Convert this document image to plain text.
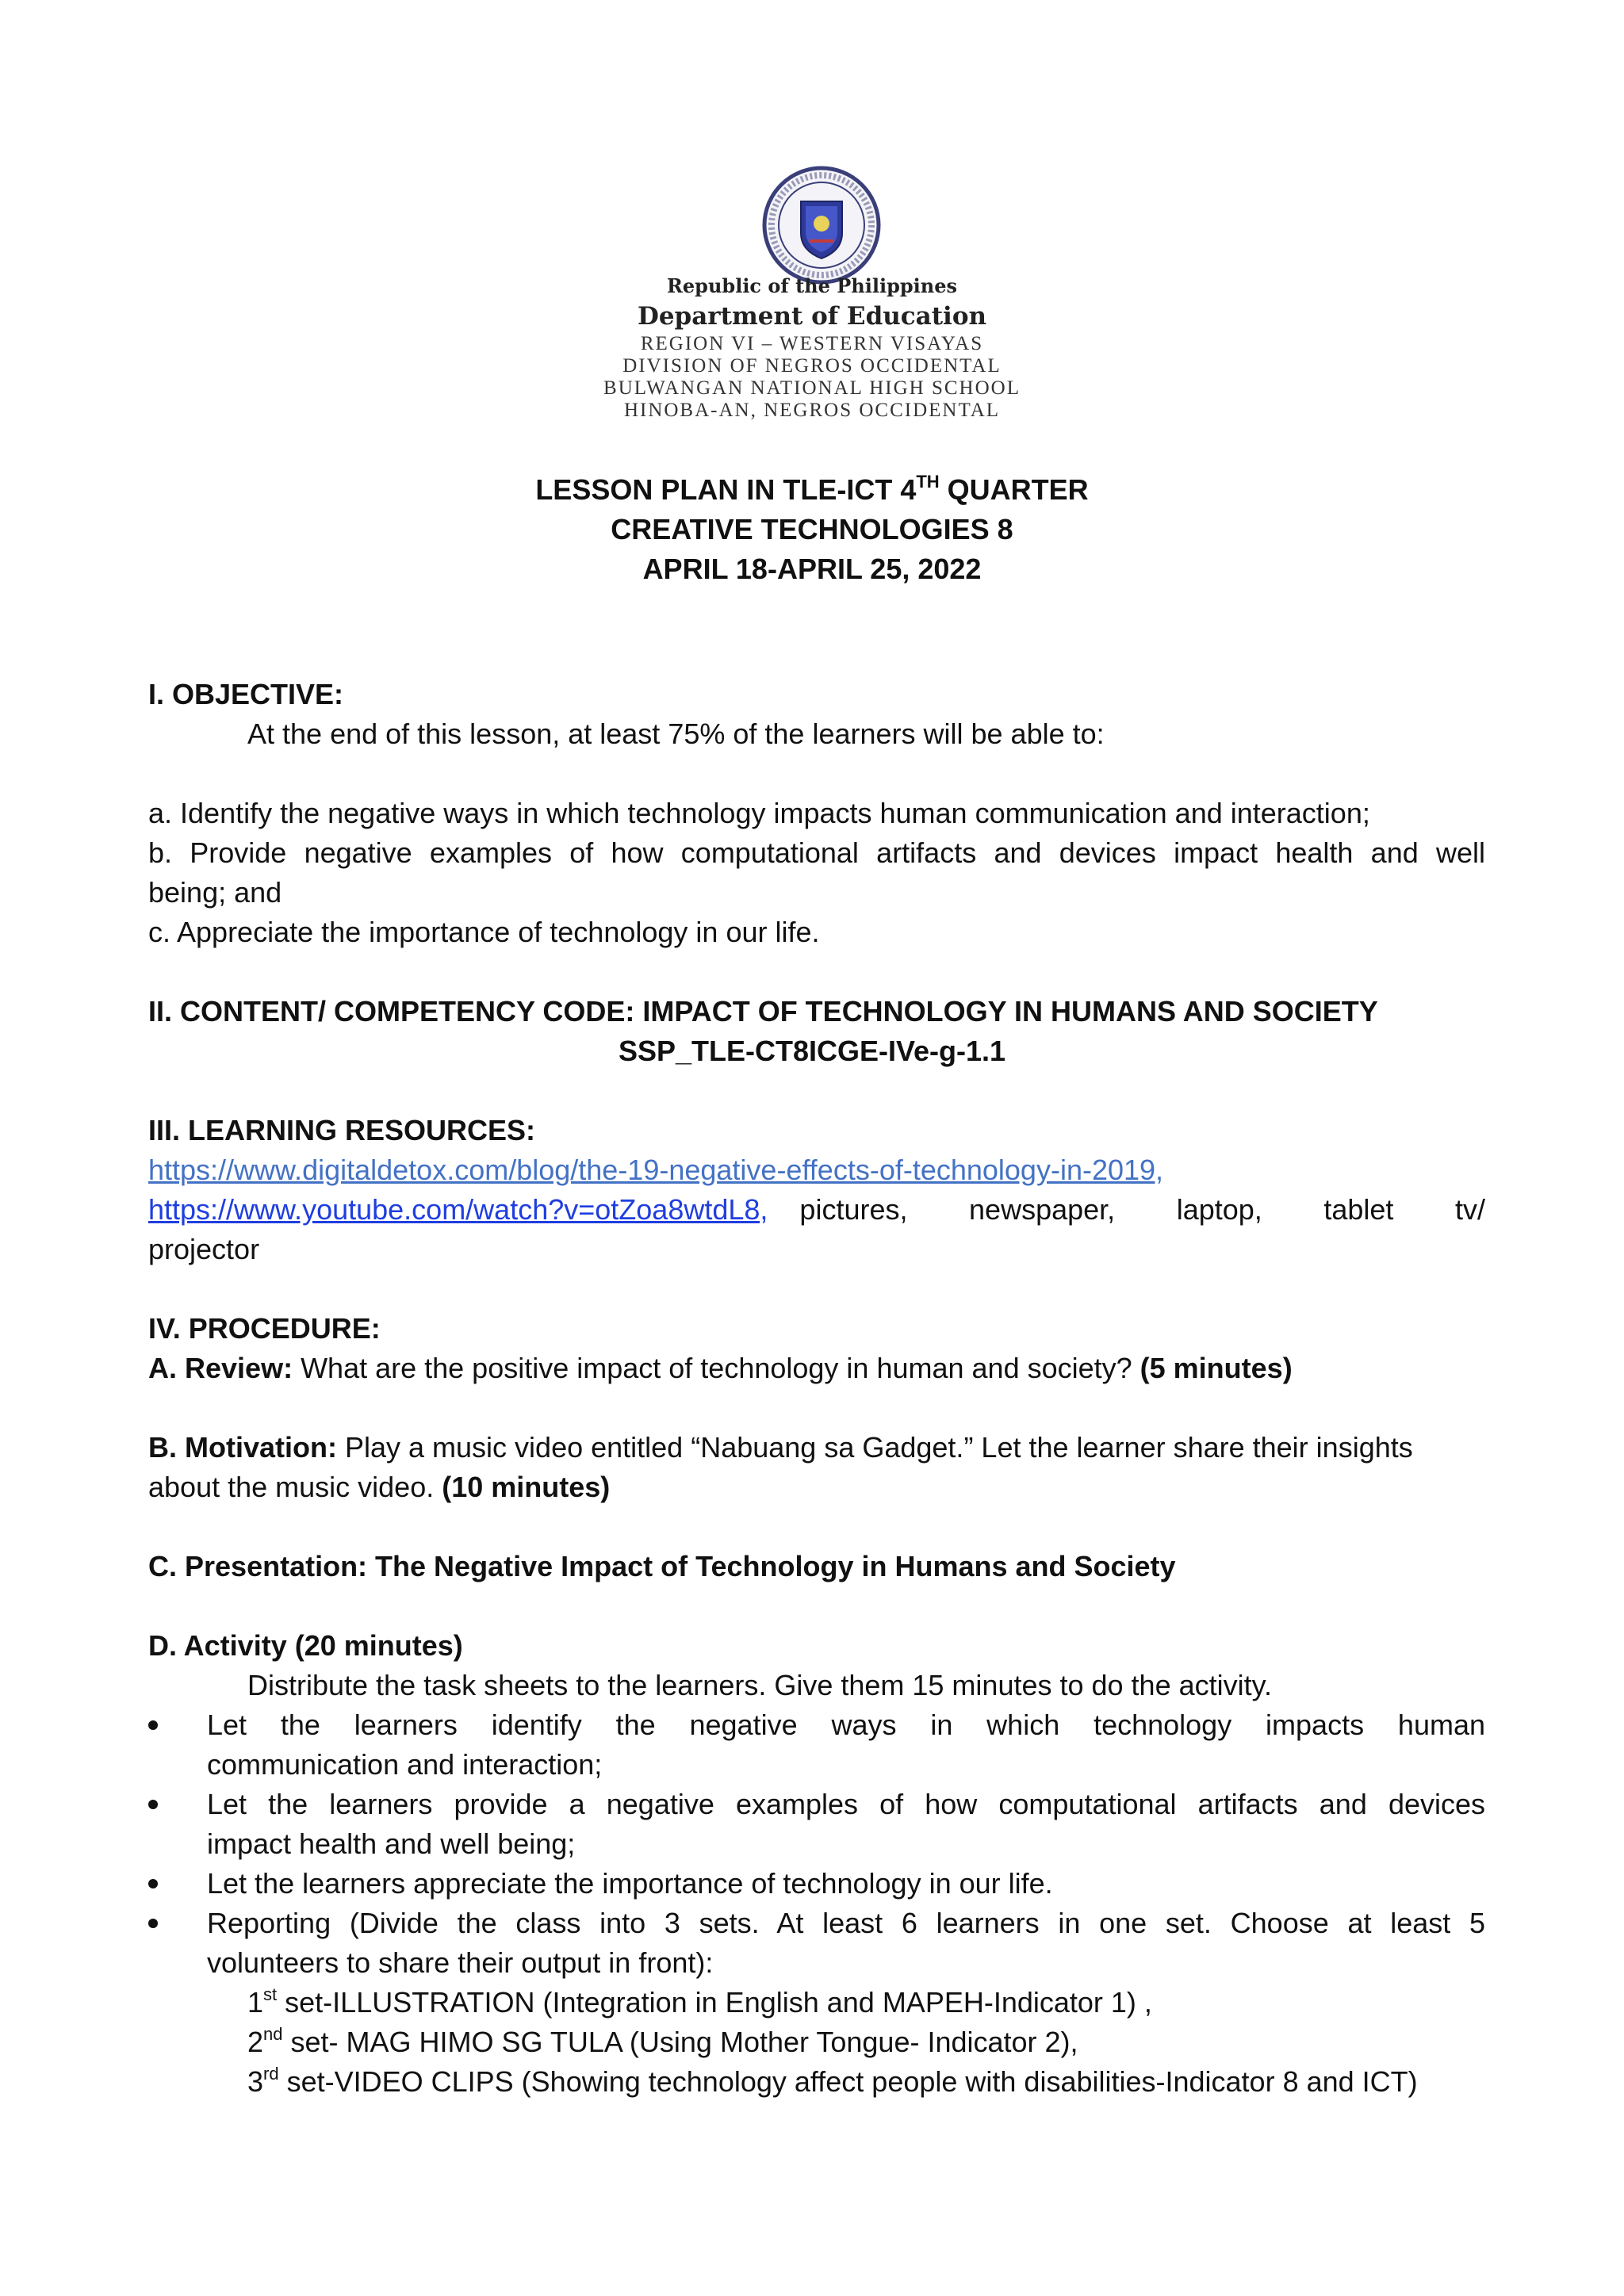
Republic of the Philippines
Department of Education
REGION VI – WESTERN VISAYAS
DIVISION OF NEGROS OCCIDENTAL
BULWANGAN NATIONAL HIGH SCHOOL
HINOBA-AN, NEGROS OCCIDENTAL
LESSON PLAN IN TLE-ICT 4TH QUARTER
CREATIVE TECHNOLOGIES 8
APRIL 18-APRIL 25, 2022
I. OBJECTIVE:
At the end of this lesson, at least 75% of the learners will be able to:
a. Identify the negative ways in which technology impacts human communication and interaction;
b. Provide negative examples of how computational artifacts and devices impact health and well
being; and
c. Appreciate the importance of technology in our life.
II. CONTENT/ COMPETENCY CODE: IMPACT OF TECHNOLOGY IN HUMANS AND SOCIETY
SSP_TLE-CT8ICGE-IVe-g-1.1
III. LEARNING RESOURCES:
https://www.digitaldetox.com/blog/the-19-negative-effects-of-technology-in-2019,
https://www.youtube.com/watch?v=otZoa8wtdL8, pictures, newspaper, laptop, tablet tv/
projector
IV. PROCEDURE:
A. Review: What are the positive impact of technology in human and society? (5 minutes)
B. Motivation: Play a music video entitled “Nabuang sa Gadget.” Let the learner share their insights
about the music video. (10 minutes)
C. Presentation: The Negative Impact of Technology in Humans and Society
D. Activity (20 minutes)
Distribute the task sheets to the learners. Give them 15 minutes to do the activity.
Let the learners identify the negative ways in which technology impacts human
communication and interaction;
Let the learners provide a negative examples of how computational artifacts and devices
impact health and well being;
Let the learners appreciate the importance of technology in our life.
Reporting (Divide the class into 3 sets. At least 6 learners in one set. Choose at least 5
volunteers to share their output in front):
1st set-ILLUSTRATION (Integration in English and MAPEH-Indicator 1) ,
2nd set- MAG HIMO SG TULA (Using Mother Tongue- Indicator 2),
3rd set-VIDEO CLIPS (Showing technology affect people with disabilities-Indicator 8 and ICT)
